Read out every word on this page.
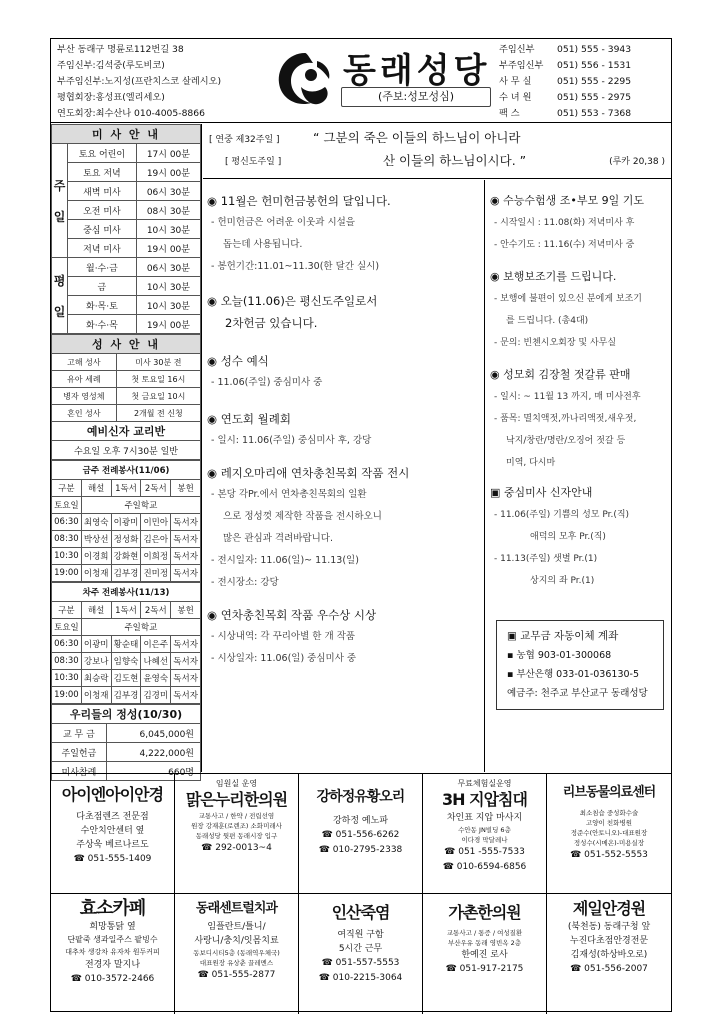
부산 동래구 명륜로112번길 38
주임신부:김석중(루도비코)
부주임신부:노지성(프란치스코 살레시오)
평협회장:홍성표(엘리세오)
연도회장:최수산나 010-4005-8866
동래성당
(주보:성모성심)
주임신부 051) 555 - 3943
부주임신부 051) 556 - 1531
사 무 실	051) 555 - 2295
수 녀 원	051) 555 - 2975
팩 스	051) 553 - 7368
미 사 안 내		
주

일	토요 어린이	17시 00분
	토요 저녁	19시 00분
	새벽 미사	06시 30분
	오전 미사	08시 30분
	중심 미사	10시 30분
	저녁 미사	19시 00분
평

일	월·수·금	06시 30분
	금	10시 30분
	화·목·토	10시 30분
	화·수·목	19시 00분
성 사 안 내	
고해 성사	미사 30분 전
유아 세례	첫 토요일 16시
병자 영성체	첫 금요일 10시
혼인 성사	2개월 전 신청
예비신자 교리반	
수요일 오후 7시30분 일반	
금주 전례봉사(11/06)				
구분	해설	1독서	2독서	봉헌
토요일	주일학교			
06:30	최영숙	이광미	이민아	독서자
08:30	박상선	정성화	김은아	독서자
10:30	이경희	강화현	이희정	독서자
19:00	이청재	김부경	진미정	독서자
차주 전례봉사(11/13)				
구분	해설	1독서	2독서	봉헌
토요일	주일학교			
06:30	이광미	황순태	이은주	독서자
08:30	강보나	임향숙	나혜선	독서자
10:30	최승락	김도현	윤영숙	독서자
19:00	이청재	김부경	김경미	독서자
우리들의 정성(10/30)	
교 무 금	6,045,000원
주일헌금	4,222,000원
미사참례	660명
[ 연중 제32주일 ]
[ 평신도주일 ]
“ 그분의 죽은 이들의 하느님이 아니라
산 이들의 하느님이시다. ”	(루카 20,38 )
◉ 11월은 헌미헌금봉헌의 달입니다.

- 헌미헌금은 어려운 이웃과 시설을

돕는데 사용됩니다.

- 봉헌기간:11.01~11.30(한 달간 실시)

◉ 오늘(11.06)은 평신도주일로서
2차헌금 있습니다.
◉ 성수 예식

- 11.06(주일) 중심미사 중

◉ 연도회 월례회

- 일시: 11.06(주일) 중심미사 후, 강당

◉ 레지오마리애 연차총친목회 작품 전시

- 본당 각Pr.에서 연차총친목회의 일환

으로 정성껏 제작한 작품을 전시하오니

많은 관심과 격려바랍니다.

- 전시일자: 11.06(일)~ 11.13(일)

- 전시장소: 강당

◉ 연차총친목회 작품 우수상 시상

- 시상내역: 각 꾸리아별 한 개 작품

- 시상일자: 11.06(일) 중심미사 중

◉ 수능수험생 조•부모 9일 기도

- 시작일시 : 11.08(화) 저녁미사 후

- 안수기도 : 11.16(수) 저녁미사 중

◉ 보행보조기를 드립니다.

- 보행에 불편이 있으신 분에게 보조기

를 드립니다. (총4대)

- 문의: 빈첸시오회장 및 사무실

◉ 성모회 김장철 젓갈류 판매

- 일시: ~ 11월 13 까지, 매 미사전후

- 품목: 멸치액젓,까나리액젓,새우젓,

낙지/창란/명란/오징어 젓갈 등

미역, 다시마

▣ 중심미사 신자안내

- 11.06(주일) 기쁨의 성모 Pr.(직)

애덕의 모후 Pr.(직)

- 11.13(주일) 샛별 Pr.(1)

상지의 좌 Pr.(1)

▣ 교무금 자동이체 계좌
▪ 농협 903-01-300068
▪ 부산은행 033-01-036130-5
예금주: 천주교 부산교구 동래성당
아이엔아이안경
다초점렌즈 전문점
수안치안센터 옆
주상욱 베르나르도
☎ 051-555-1409
임원실 운영
맑은누리한의원
교통사고 / 한약 / 전립선염
원장 강재훈(로렌조) 소화미래사
동래성당 뒷편 동래시장 입구
☎ 292-0013~4
강하정유황오리
강하정 예노파
☎ 051-556-6262
☎ 010-2795-2338
무료체험실운영
3H 지압침대
차인표 지압 마사지
수안동 JN빌딩 6층
이다경 막달레나
☎ 051 -555-7533
☎ 010-6594-6856
리브동물의료센터
최소침습 중성화수술
고양이 친화병원
정준수(안토니오)-대표원장
정성수(시메온)-미용실장
☎ 051-552-5553
효소카페
희망통닭 옆
단팥죽 생과일주스 팥빙수
대추차 생강차 유자차 원두커피
전경자 말지나
☎ 010-3572-2466
동래센트럴치과
임플란트/틀니/
사랑니/충치/잇몸치료
동보디시티5층 (동래역우체국)
대표원장 유상춘 끌레멘스
☎ 051-555-2877
인산죽염
여직원 구함
5시간 근무
☎ 051-557-5553
☎ 010-2215-3064
가촌한의원
교통사고 / 통증 / 여성질환
부산우유 동래 영빈옥 2층
한예진 로사
☎ 051-917-2175
제일안경원
(북천동) 동래구청 앞
누진다초점안경전문
김재성(하상바오로)
☎ 051-556-2007
